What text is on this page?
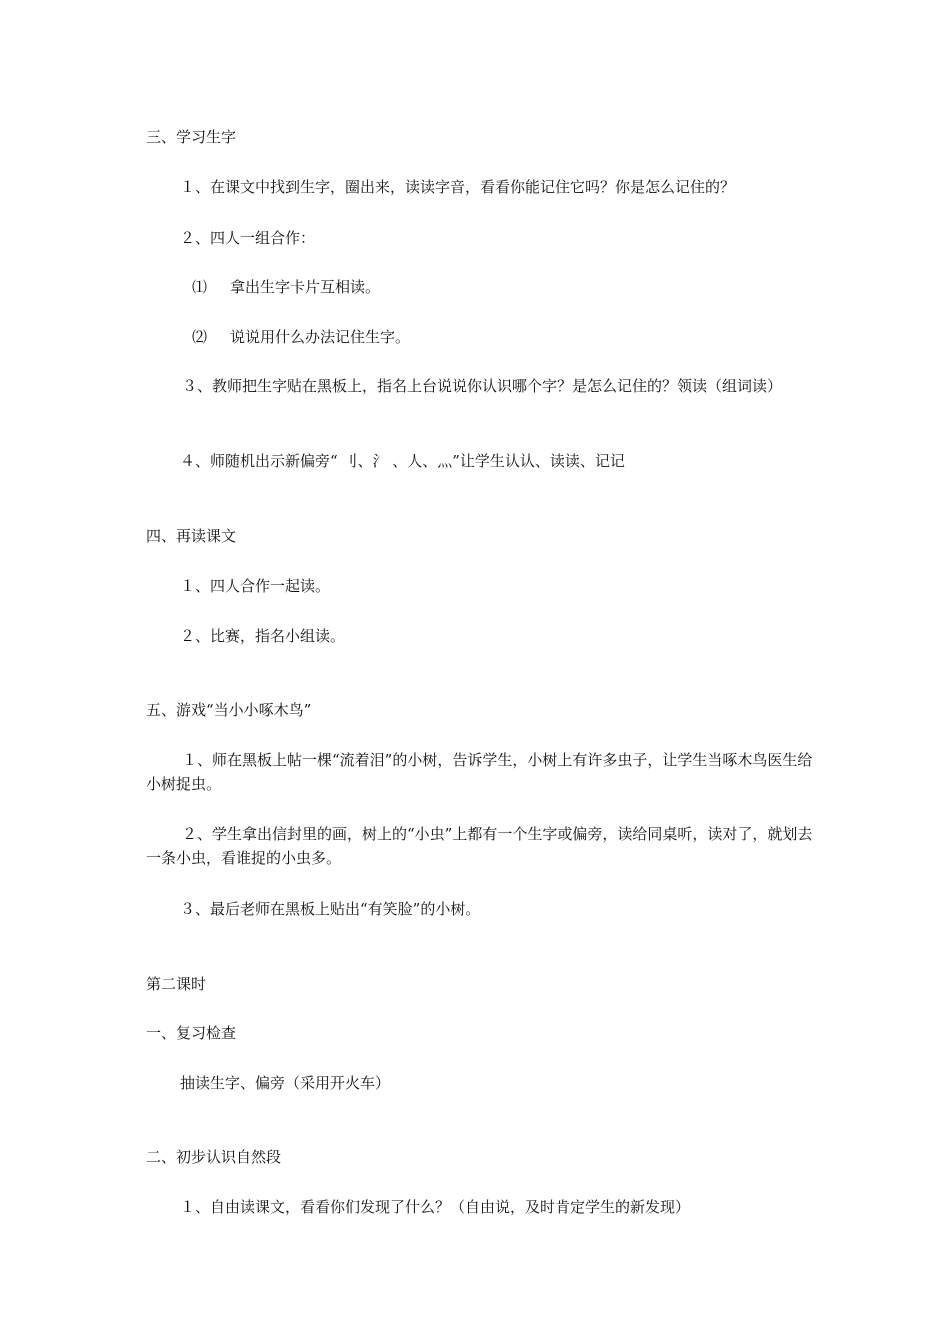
三、学习生字
１、在课文中找到生字，圈出来，读读字音，看看你能记住它吗？你是怎么记住的？
２、四人一组合作：
⑴ 拿出生字卡片互相读。
⑵ 说说用什么办法记住生字。
３、教师把生字贴在黑板上，指名上台说说你认识哪个字？是怎么记住的？领读（组词读）
４、师随机出示新偏旁“ 刂、氵 、人、灬”让学生认认、读读、记记
四、再读课文
１、四人合作一起读。
２、比赛，指名小组读。
五、游戏“当小小啄木鸟”
１、师在黑板上帖一棵“流着泪”的小树，告诉学生，小树上有许多虫子，让学生当啄木鸟医生给小树捉虫。
２、学生拿出信封里的画，树上的“小虫”上都有一个生字或偏旁，读给同桌听，读对了，就划去一条小虫，看谁捉的小虫多。
３、最后老师在黑板上贴出“有笑脸”的小树。
第二课时
一、复习检查
抽读生字、偏旁（采用开火车）
二、初步认识自然段
１、自由读课文，看看你们发现了什么？（自由说，及时肯定学生的新发现）
